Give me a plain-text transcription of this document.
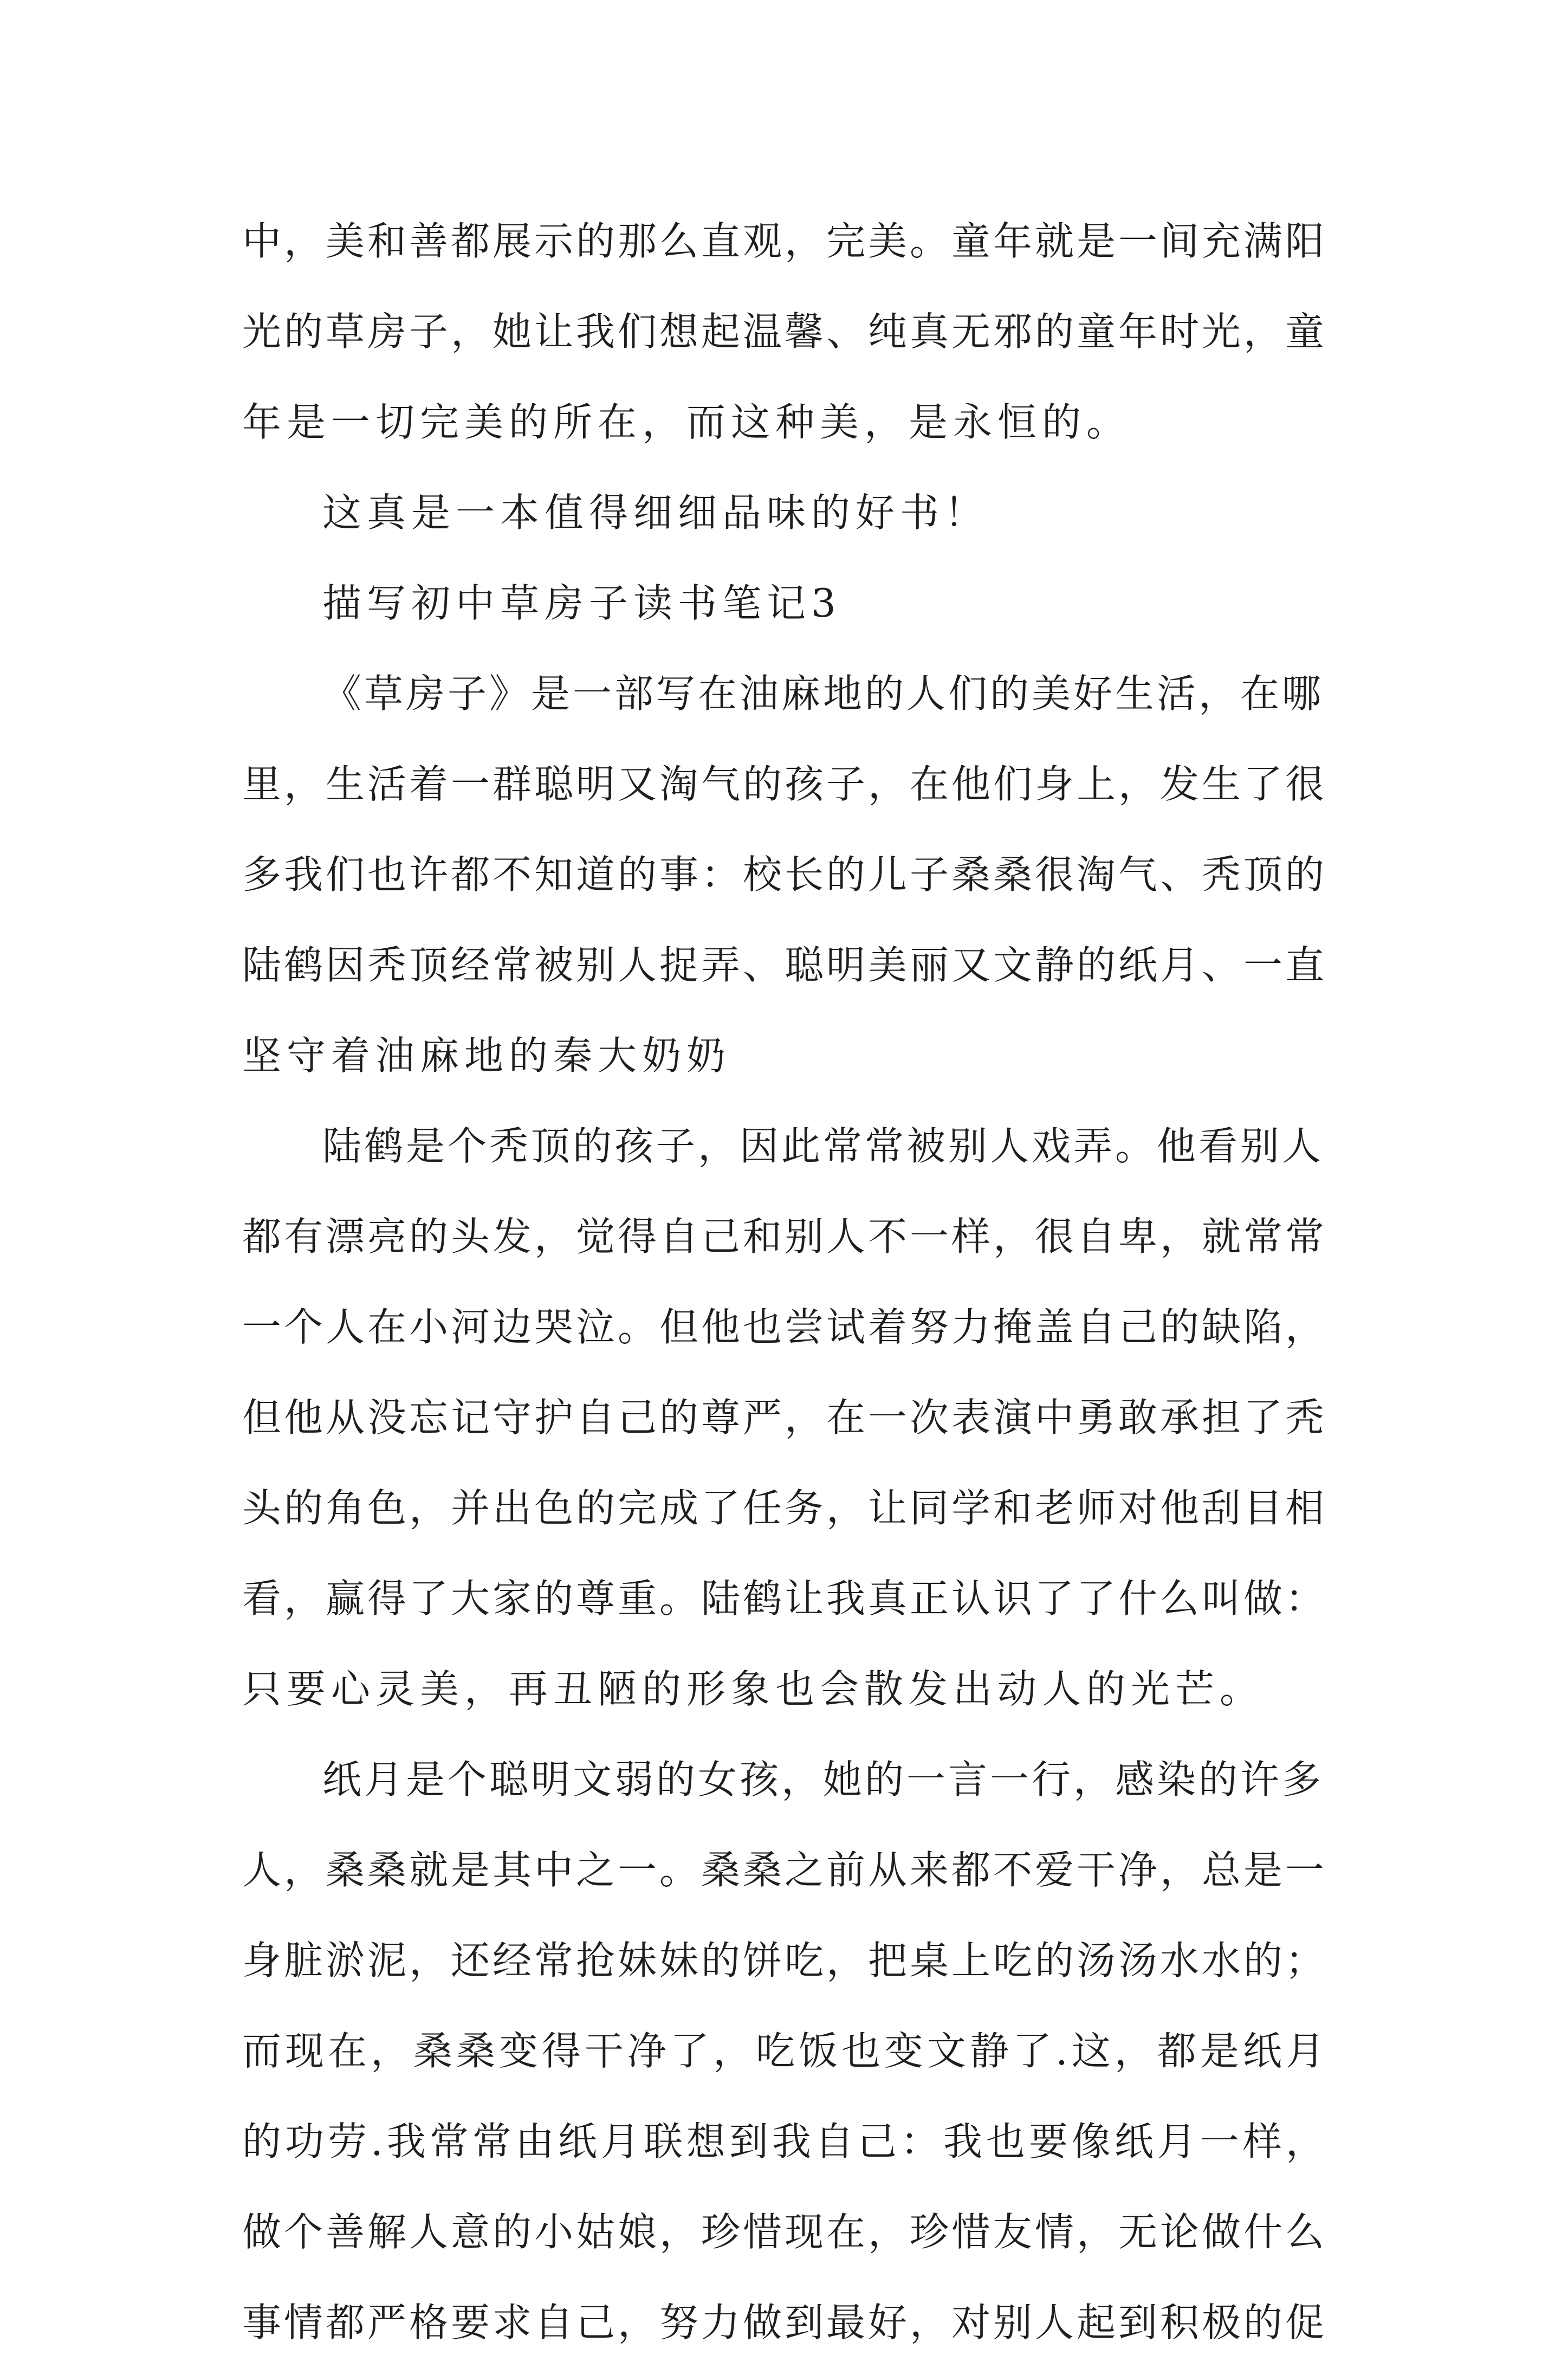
中，美和善都展示的那么直观，完美。童年就是一间充满阳
光的草房子，她让我们想起温馨、纯真无邪的童年时光，童
年是一切完美的所在，而这种美，是永恒的。
这真是一本值得细细品味的好书！
描写初中草房子读书笔记3
《草房子》是一部写在油麻地的人们的美好生活，在哪
里，生活着一群聪明又淘气的孩子，在他们身上，发生了很
多我们也许都不知道的事：校长的儿子桑桑很淘气、秃顶的
陆鹤因秃顶经常被别人捉弄、聪明美丽又文静的纸月、一直
坚守着油麻地的秦大奶奶
陆鹤是个秃顶的孩子，因此常常被别人戏弄。他看别人
都有漂亮的头发，觉得自己和别人不一样，很自卑，就常常
一个人在小河边哭泣。但他也尝试着努力掩盖自己的缺陷，
但他从没忘记守护自己的尊严，在一次表演中勇敢承担了秃
头的角色，并出色的完成了任务，让同学和老师对他刮目相
看，赢得了大家的尊重。陆鹤让我真正认识了了什么叫做：
只要心灵美，再丑陋的形象也会散发出动人的光芒。
纸月是个聪明文弱的女孩，她的一言一行，感染的许多
人，桑桑就是其中之一。桑桑之前从来都不爱干净，总是一
身脏淤泥，还经常抢妹妹的饼吃，把桌上吃的汤汤水水的；
而现在，桑桑变得干净了，吃饭也变文静了.这，都是纸月
的功劳.我常常由纸月联想到我自己：我也要像纸月一样，
做个善解人意的小姑娘，珍惜现在，珍惜友情，无论做什么
事情都严格要求自己，努力做到最好，对别人起到积极的促
